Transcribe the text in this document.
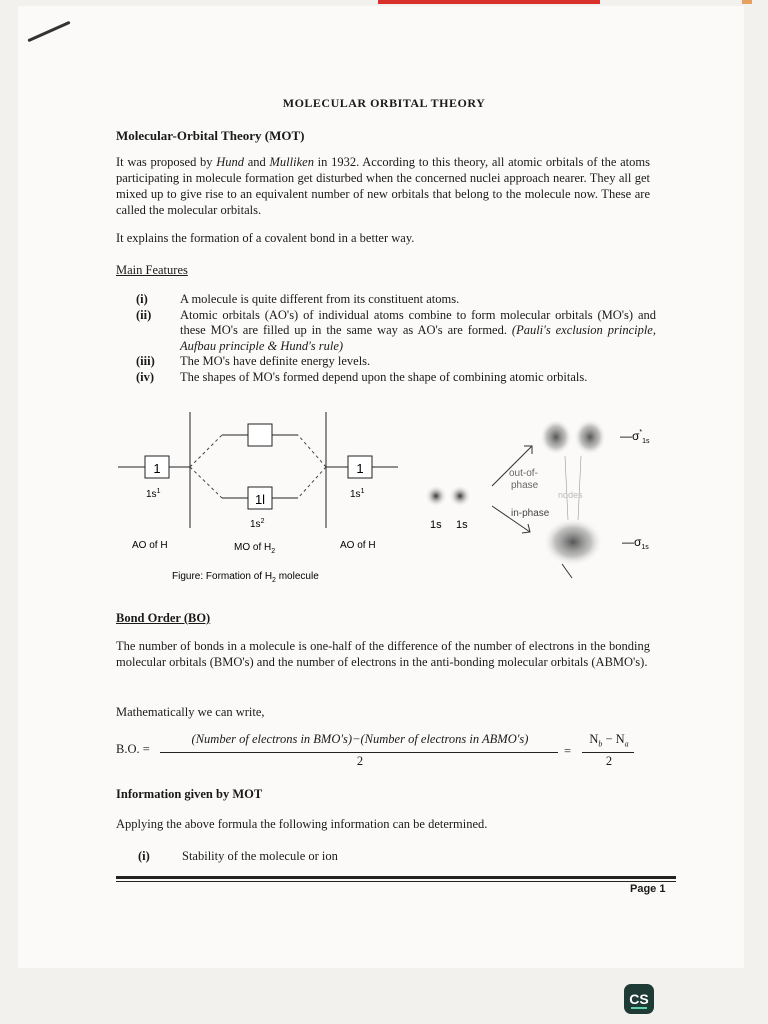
MOLECULAR ORBITAL THEORY
Molecular-Orbital Theory (MOT)
It was proposed by Hund and Mulliken in 1932. According to this theory, all atomic orbitals of the atoms participating in molecule formation get disturbed when the concerned nuclei approach nearer. They all get mixed up to give rise to an equivalent number of new orbitals that belong to the molecule now. These are called the molecular orbitals.
It explains the formation of a covalent bond in a better way.
Main Features
(i)	A molecule is quite different from its constituent atoms.
(ii)	Atomic orbitals (AO's) of individual atoms combine to form molecular orbitals (MO's) and these MO's are filled up in the same way as AO's are formed. (Pauli's exclusion principle, Aufbau principle & Hund's rule)
(iii)	The MO's have definite energy levels.
(iv)	The shapes of MO's formed depend upon the shape of combining atomic orbitals.
1	1
1l
$1s^1$	$1s^1$
$1s^2$
AO of H	MO of $H_2$
AO of H
Figure: Formation of $H_2$ molecule
1s 1s
out-of-
phase
in-phase
nodes
$—\sigma^*_{1s}$
$—\sigma_{1s}$
Bond Order (BO)
The number of bonds in a molecule is one-half of the difference of the number of electrons in the bonding molecular orbitals (BMO's) and the number of electrons in the anti-bonding molecular orbitals (ABMO's).
Mathematically we can write,
B.O. =
(Number of electrons in BMO's)−(Number of electrons in ABMO's)
2
=
$N_b - N_a$
2
Information given by MOT
Applying the above formula the following information can be determined.
(i)	Stability of the molecule or ion
Page 1
CS
